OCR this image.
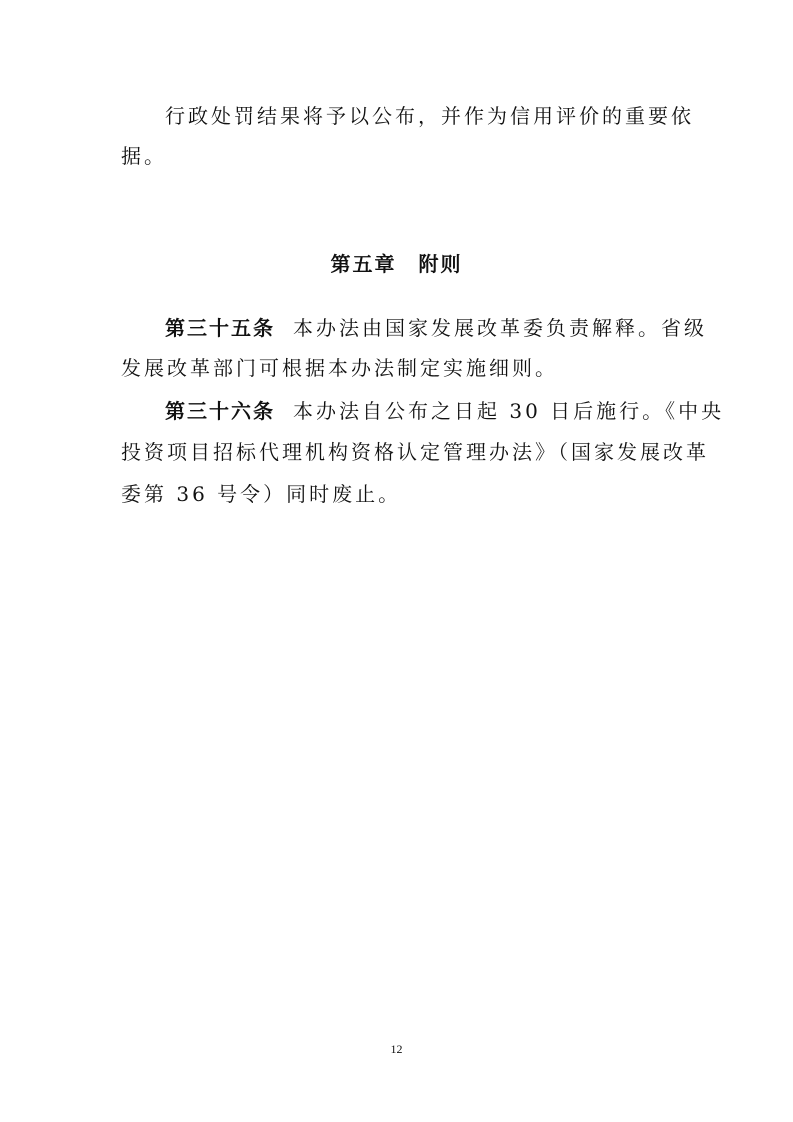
行政处罚结果将予以公布，并作为信用评价的重要依
据。
第五章 附则
第三十五条 本办法由国家发展改革委负责解释。省级
发展改革部门可根据本办法制定实施细则。
第三十六条 本办法自公布之日起 30 日后施行。《中央
投资项目招标代理机构资格认定管理办法》（国家发展改革
委第 36 号令）同时废止。
12
